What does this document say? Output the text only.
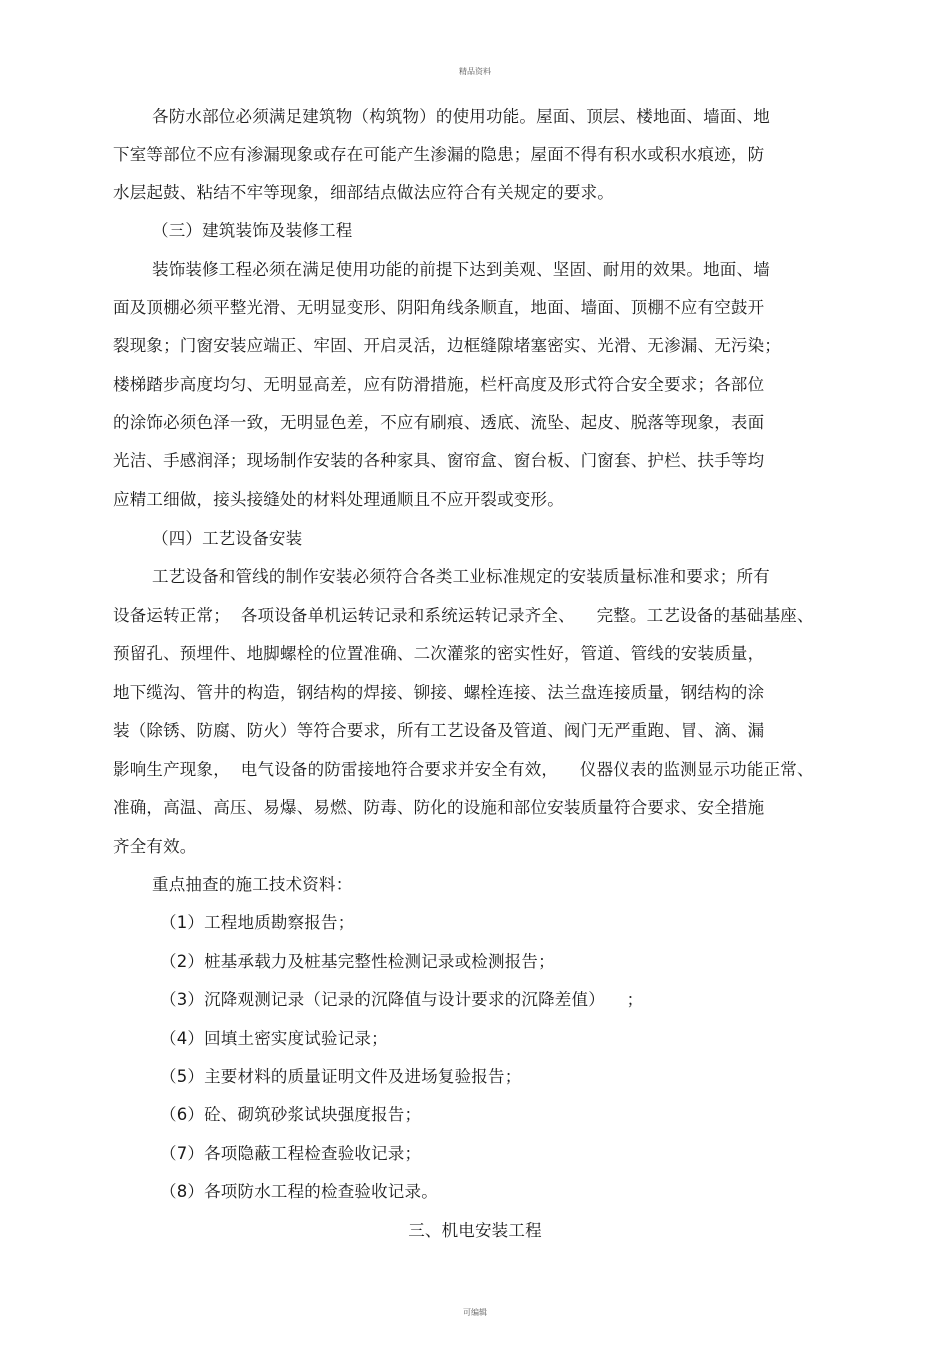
精品资料
各防水部位必须满足建筑物（构筑物）的使用功能。屋面、顶层、楼地面、墙面、地
下室等部位不应有渗漏现象或存在可能产生渗漏的隐患；屋面不得有积水或积水痕迹，防
水层起鼓、粘结不牢等现象，细部结点做法应符合有关规定的要求。
（三）建筑装饰及装修工程
装饰装修工程必须在满足使用功能的前提下达到美观、坚固、耐用的效果。地面、墙
面及顶棚必须平整光滑、无明显变形、阴阳角线条顺直，地面、墙面、顶棚不应有空鼓开
裂现象；门窗安装应端正、牢固、开启灵活，边框缝隙堵塞密实、光滑、无渗漏、无污染；
楼梯踏步高度均匀、无明显高差，应有防滑措施，栏杆高度及形式符合安全要求；各部位
的涂饰必须色泽一致，无明显色差，不应有刷痕、透底、流坠、起皮、脱落等现象，表面
光洁、手感润泽；现场制作安装的各种家具、窗帘盒、窗台板、门窗套、护栏、扶手等均
应精工细做，接头接缝处的材料处理通顺且不应开裂或变形。
（四）工艺设备安装
工艺设备和管线的制作安装必须符合各类工业标准规定的安装质量标准和要求；所有
设备运转正常；  各项设备单机运转记录和系统运转记录齐全、    完整。工艺设备的基础基座、
预留孔、预埋件、地脚螺栓的位置准确、二次灌浆的密实性好，管道、管线的安装质量，
地下缆沟、管井的构造，钢结构的焊接、铆接、螺栓连接、法兰盘连接质量，钢结构的涂
装（除锈、防腐、防火）等符合要求，所有工艺设备及管道、阀门无严重跑、冒、滴、漏
影响生产现象，  电气设备的防雷接地符合要求并安全有效，    仪器仪表的监测显示功能正常、
准确，高温、高压、易爆、易燃、防毒、防化的设施和部位安装质量符合要求、安全措施
齐全有效。
重点抽查的施工技术资料：
（1）工程地质勘察报告；
（2）桩基承载力及桩基完整性检测记录或检测报告；
（3）沉降观测记录（记录的沉降值与设计要求的沉降差值）    ；
（4）回填土密实度试验记录；
（5）主要材料的质量证明文件及进场复验报告；
（6）砼、砌筑砂浆试块强度报告；
（7）各项隐蔽工程检查验收记录；
（8）各项防水工程的检查验收记录。
三、机电安装工程
可编辑
